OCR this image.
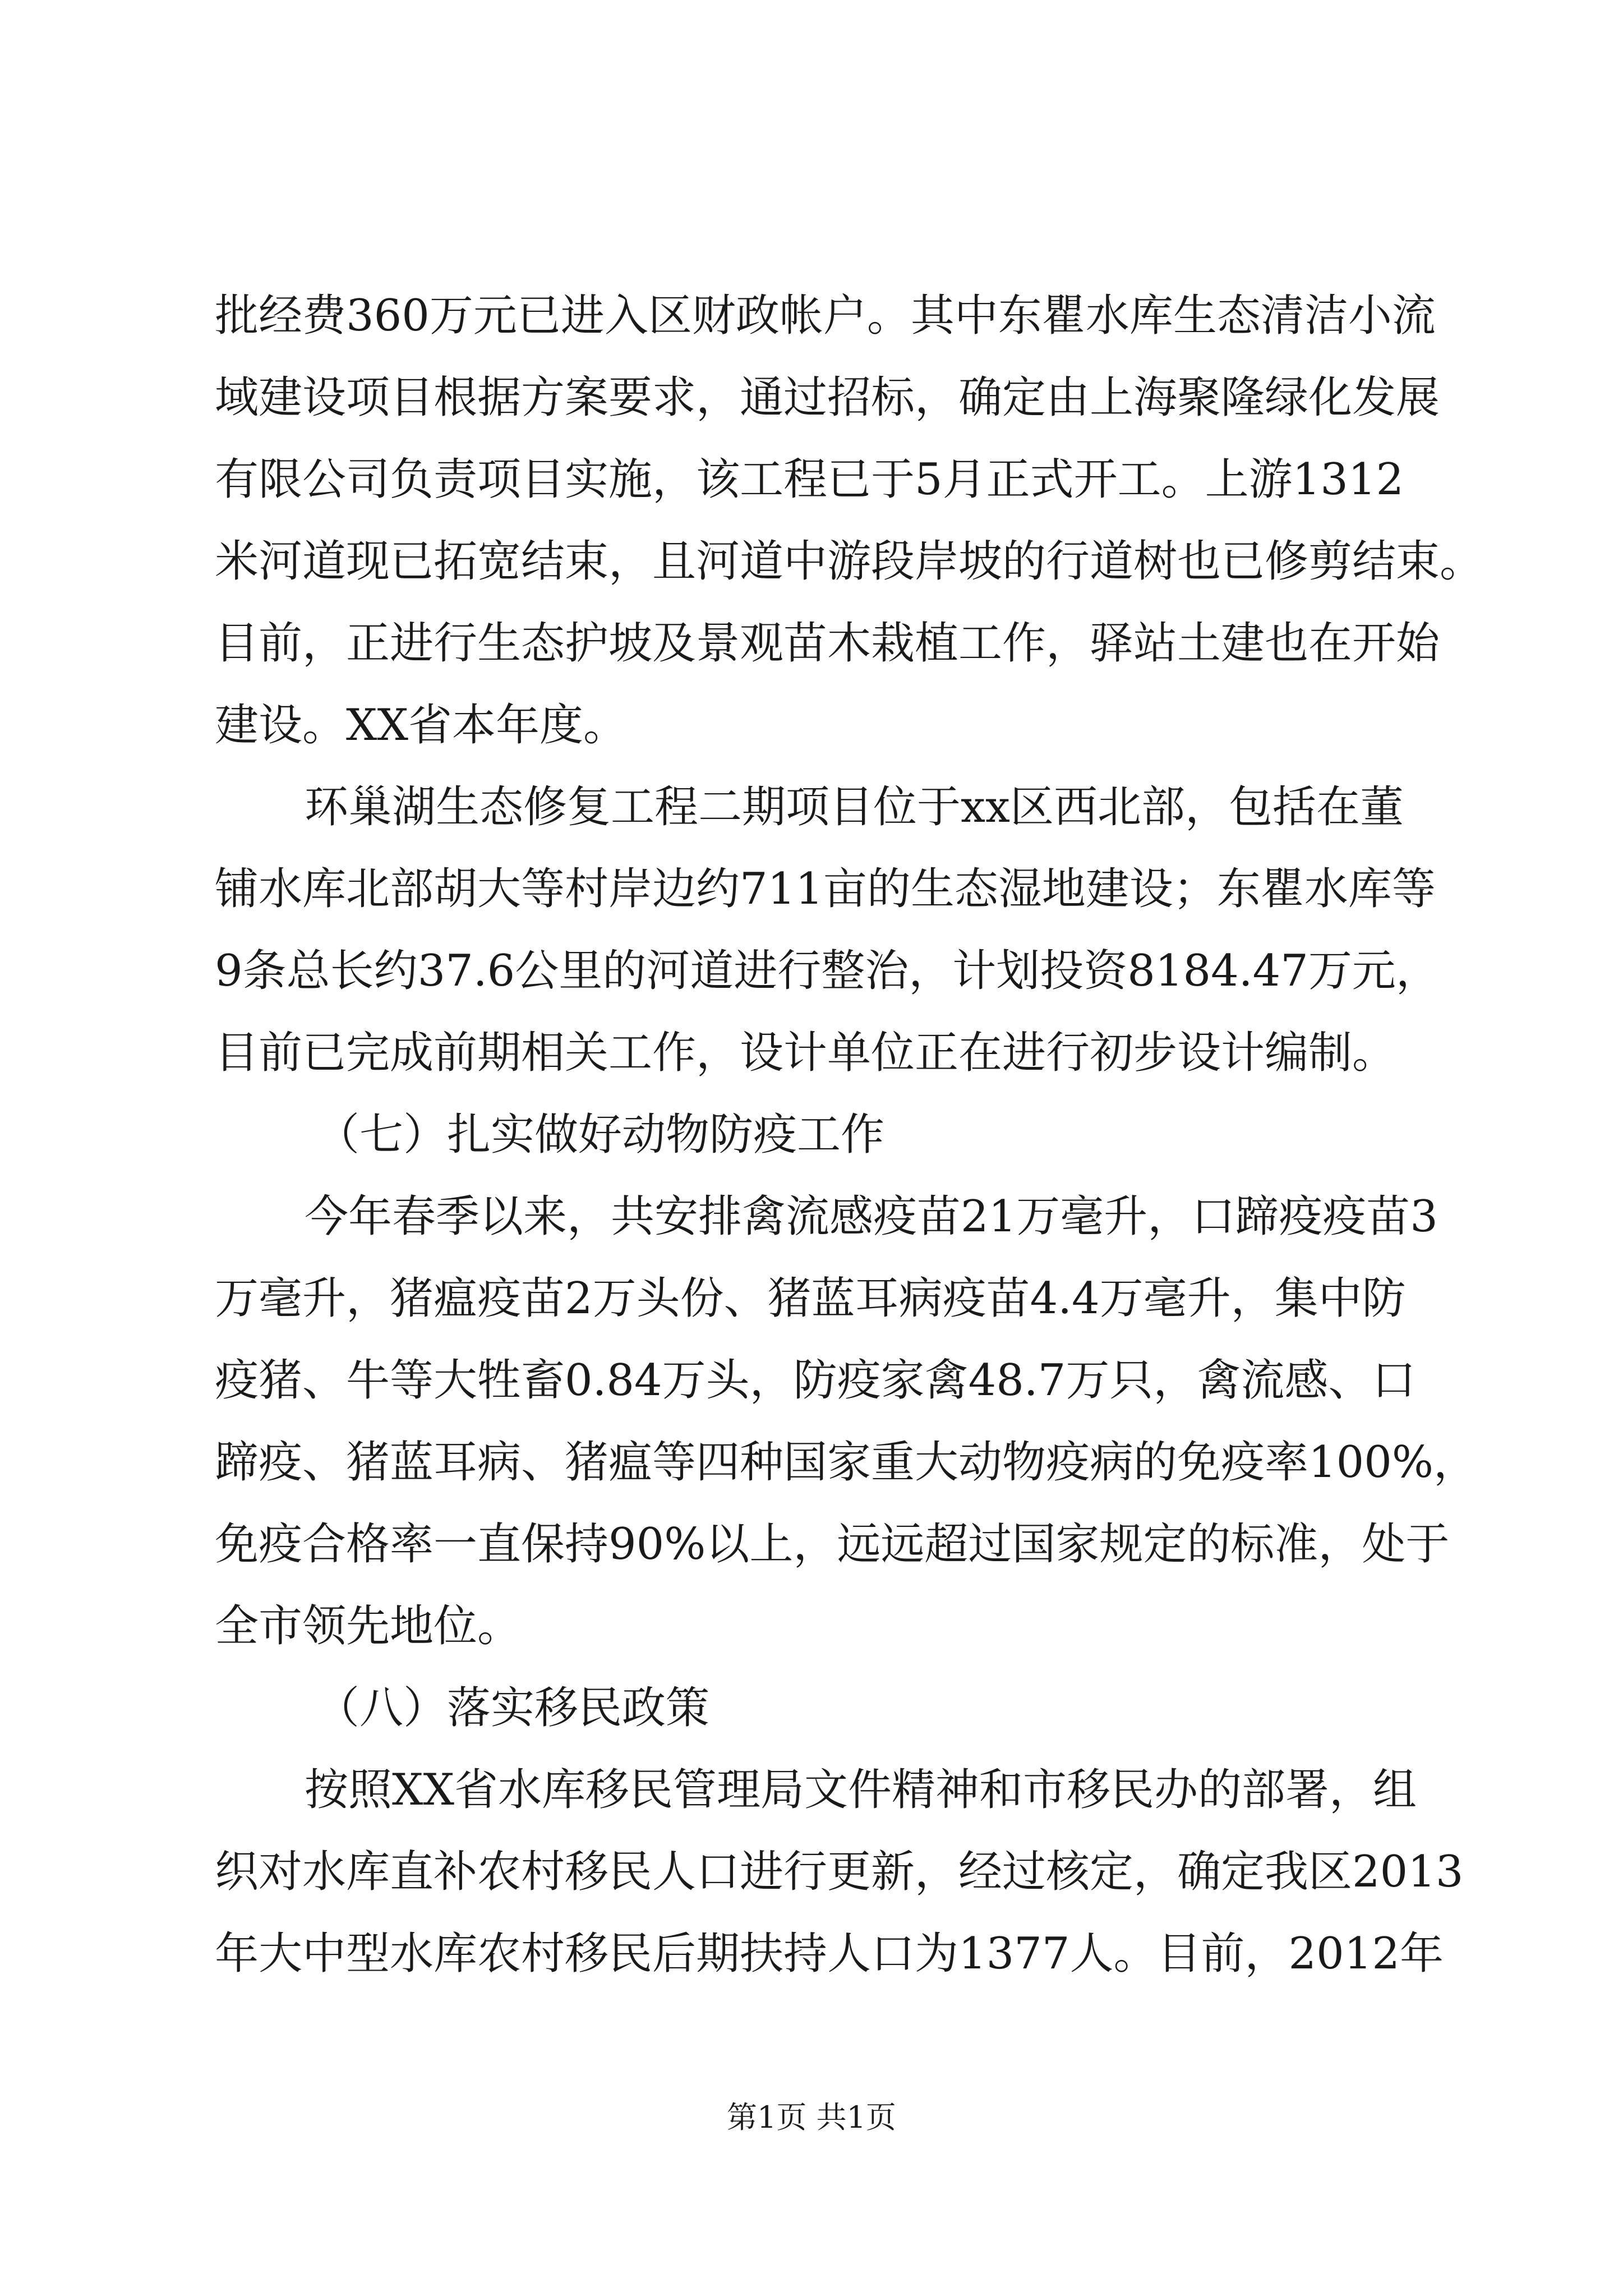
批经费360万元已进入区财政帐户。其中东瞿水库生态清洁小流
域建设项目根据方案要求，通过招标，确定由上海聚隆绿化发展
有限公司负责项目实施，该工程已于5月正式开工。上游1312
米河道现已拓宽结束，且河道中游段岸坡的行道树也已修剪结束。
目前，正进行生态护坡及景观苗木栽植工作，驿站土建也在开始
建设。XX省本年度。
环巢湖生态修复工程二期项目位于xx区西北部，包括在董
铺水库北部胡大等村岸边约711亩的生态湿地建设；东瞿水库等
9条总长约37.6公里的河道进行整治，计划投资8184.47万元，
目前已完成前期相关工作，设计单位正在进行初步设计编制。
（七）扎实做好动物防疫工作
今年春季以来，共安排禽流感疫苗21万毫升，口蹄疫疫苗3
万毫升，猪瘟疫苗2万头份、猪蓝耳病疫苗4.4万毫升，集中防
疫猪、牛等大牲畜0.84万头，防疫家禽48.7万只，禽流感、口
蹄疫、猪蓝耳病、猪瘟等四种国家重大动物疫病的免疫率100%，
免疫合格率一直保持90%以上，远远超过国家规定的标准，处于
全市领先地位。
（八）落实移民政策
按照XX省水库移民管理局文件精神和市移民办的部署，组
织对水库直补农村移民人口进行更新，经过核定，确定我区2013
年大中型水库农村移民后期扶持人口为1377人。目前，2012年
第1页 共1页
